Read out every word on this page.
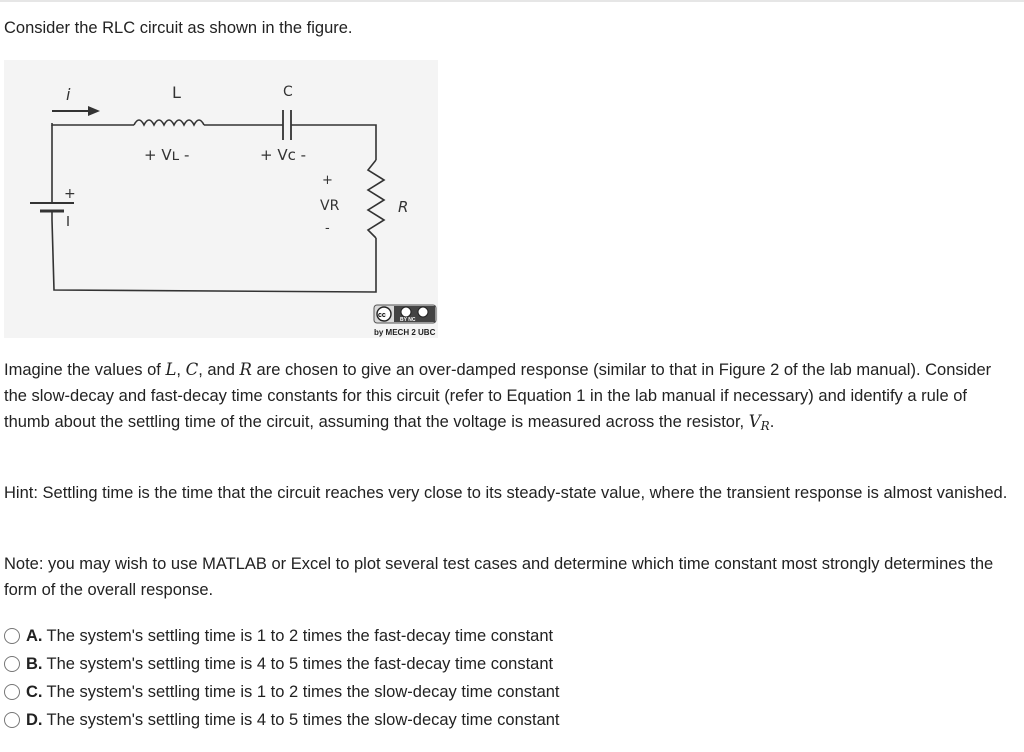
Consider the RLC circuit as shown in the figure.
i	L
+ Vʟ -
C
+ Vc -
R
+
VR
-
+
cc
BY NC
by MECH 2 UBC
Imagine the values of L, C, and R are chosen to give an over-damped response (similar to that in Figure 2 of the lab manual). Consider the slow-decay and fast-decay time constants for this circuit (refer to Equation 1 in the lab manual if necessary) and identify a rule of thumb about the settling time of the circuit, assuming that the voltage is measured across the resistor, $V_R$.
Hint: Settling time is the time that the circuit reaches very close to its steady-state value, where the transient response is almost vanished.
Note: you may wish to use MATLAB or Excel to plot several test cases and determine which time constant most strongly determines the form of the overall response.
A. The system's settling time is 1 to 2 times the fast-decay time constant
B. The system's settling time is 4 to 5 times the fast-decay time constant
C. The system's settling time is 1 to 2 times the slow-decay time constant
D. The system's settling time is 4 to 5 times the slow-decay time constant
